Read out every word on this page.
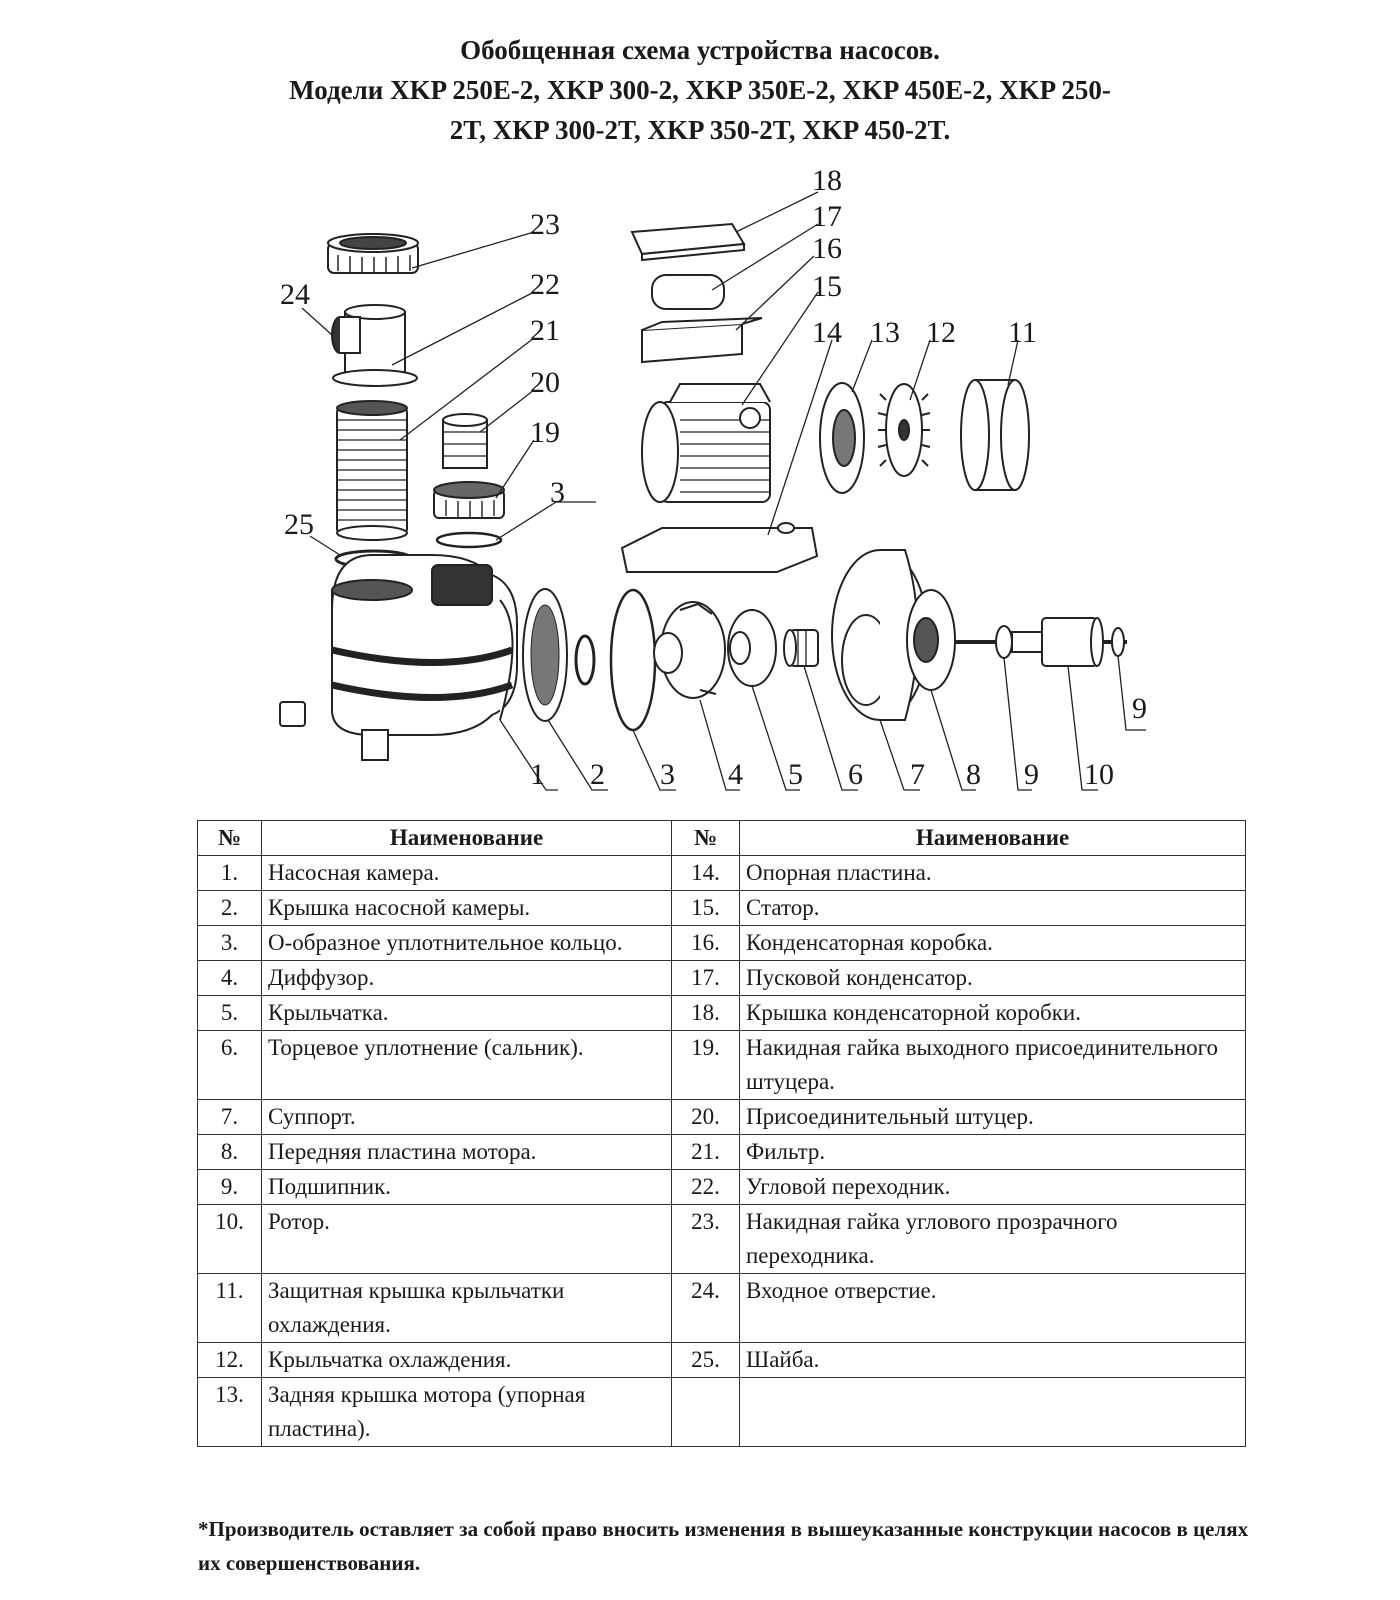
Обобщенная схема устройства насосов.
Модели XKP 250E-2, XKP 300-2, XKP 350E-2, XKP 450E-2, XKP 250-
2T, XKP 300-2T, XKP 350-2T, XKP 450-2T.
18
17
16
15
14 13 12 11
23
24	22
21
20
19
3
25
9
1 2 3 4 5 6 7 8 9 10
№	Наименование	№	Наименование
1.	Насосная камера.	14.	Опорная пластина.
2.	Крышка насосной камеры.	15.	Статор.
3.	О-образное уплотнительное кольцо.	16.	Конденсаторная коробка.
4.	Диффузор.	17.	Пусковой конденсатор.
5.	Крыльчатка.	18.	Крышка конденсаторной коробки.
6.	Торцевое уплотнение (сальник).	19.	Накидная гайка выходного присоединительного штуцера.
7.	Суппорт.	20.	Присоединительный штуцер.
8.	Передняя пластина мотора.	21.	Фильтр.
9.	Подшипник.	22.	Угловой переходник.
10.	Ротор.	23.	Накидная гайка углового прозрачного переходника.
11.	Защитная крышка крыльчатки охлаждения.	24.	Входное отверстие.
12.	Крыльчатка охлаждения.	25.	Шайба.
13.	Задняя крышка мотора (упорная пластина).		
*Производитель оставляет за собой право вносить изменения в вышеуказанные конструкции насосов в целях их совершенствования.
